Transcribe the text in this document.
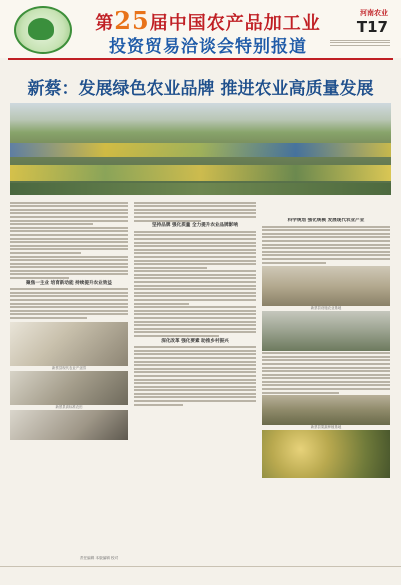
第25届中国农产品加工业
投资贸易洽谈会特别报道
河南农业
T17
新蔡：发展绿色农业品牌 推进农业高质量发展
聚焦一主业 培育新动能 持续提升农业效益
新蔡县现代农业产业园
新蔡县高标准农田
坚持品牌 强化质量 全力提升农业品牌影响
深化改革 强化要素 助推乡村振兴
科学规划 强化规模 发展现代农业产业
新蔡县设施农业基地
新蔡县果蔬种植基地
责任编辑 本版编辑 校对
